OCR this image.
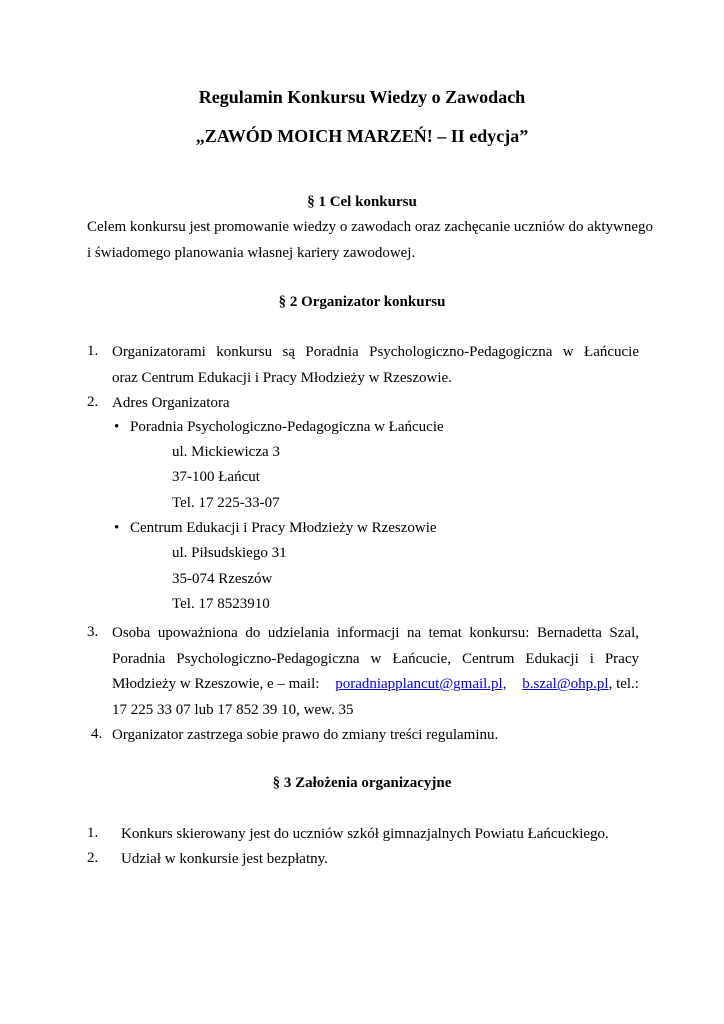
Regulamin Konkursu Wiedzy o Zawodach
„ZAWÓD MOICH MARZEŃ! – II edycja”
§ 1 Cel konkursu
Celem konkursu jest promowanie wiedzy o zawodach oraz zachęcanie uczniów do aktywnego
i świadomego planowania własnej kariery zawodowej.
§ 2 Organizator konkursu
1. Organizatorami konkursu są Poradnia Psychologiczno-Pedagogiczna w Łańcucie
oraz Centrum Edukacji i Pracy Młodzieży w Rzeszowie.
2. Adres Organizatora
• Poradnia Psychologiczno-Pedagogiczna w Łańcucie
ul. Mickiewicza 3
37-100 Łańcut
Tel. 17 225-33-07
• Centrum Edukacji i Pracy Młodzieży w Rzeszowie
ul. Piłsudskiego 31
35-074 Rzeszów
Tel. 17 8523910
3. Osoba upoważniona do udzielania informacji na temat konkursu: Bernadetta Szal,
Poradnia Psychologiczno-Pedagogiczna w Łańcucie, Centrum Edukacji i Pracy
Młodzieży w Rzeszowie, e – mail: poradniapplancut@gmail.pl, b.szal@ohp.pl, tel.:
17 225 33 07 lub 17 852 39 10, wew. 35
4. Organizator zastrzega sobie prawo do zmiany treści regulaminu.
§ 3 Założenia organizacyjne
1. Konkurs skierowany jest do uczniów szkół gimnazjalnych Powiatu Łańcuckiego.
2. Udział w konkursie jest bezpłatny.
